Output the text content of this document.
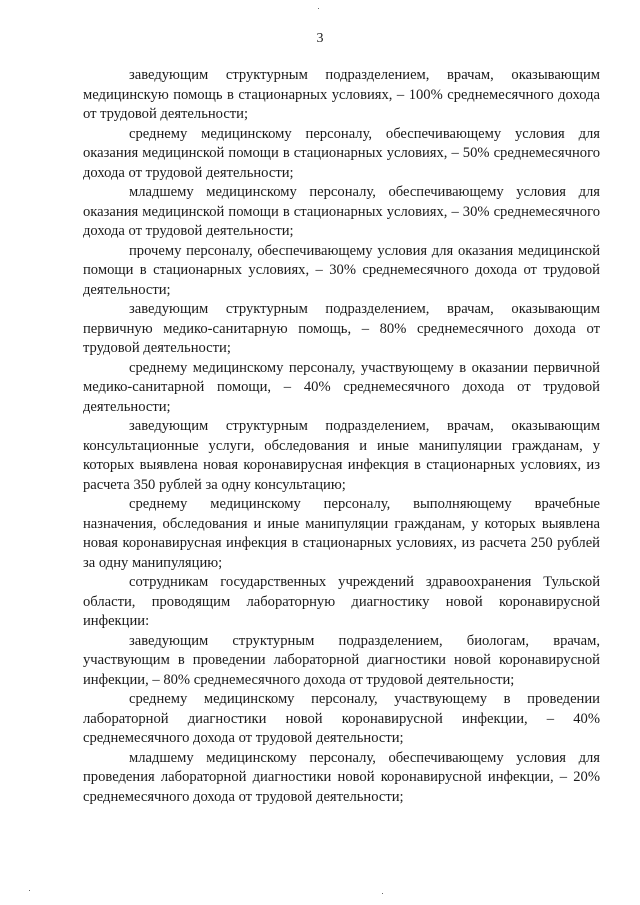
3

заведующим структурным подразделением, врачам, оказывающим медицинскую помощь в стационарных условиях, – 100% среднемесячного дохода от трудовой деятельности;

среднему медицинскому персоналу, обеспечивающему условия для оказания медицинской помощи в стационарных условиях, – 50% среднемесячного дохода от трудовой деятельности;

младшему медицинскому персоналу, обеспечивающему условия для оказания медицинской помощи в стационарных условиях, – 30% среднемесячного дохода от трудовой деятельности;

прочему персоналу, обеспечивающему условия для оказания медицинской помощи в стационарных условиях, – 30% среднемесячного дохода от трудовой деятельности;

заведующим структурным подразделением, врачам, оказывающим первичную медико-санитарную помощь, – 80% среднемесячного дохода от трудовой деятельности;

среднему медицинскому персоналу, участвующему в оказании первичной медико-санитарной помощи, – 40% среднемесячного дохода от трудовой деятельности;

заведующим структурным подразделением, врачам, оказывающим консультационные услуги, обследования и иные манипуляции гражданам, у которых выявлена новая коронавирусная инфекция в стационарных условиях, из расчета 350 рублей за одну консультацию;

среднему медицинскому персоналу, выполняющему врачебные назначения, обследования и иные манипуляции гражданам, у которых выявлена новая коронавирусная инфекция в стационарных условиях, из расчета 250 рублей за одну манипуляцию;

сотрудникам государственных учреждений здравоохранения Тульской области, проводящим лабораторную диагностику новой коронавирусной инфекции:

заведующим структурным подразделением, биологам, врачам, участвующим в проведении лабораторной диагностики новой коронавирусной инфекции, – 80% среднемесячного дохода от трудовой деятельности;

среднему медицинскому персоналу, участвующему в проведении лабораторной диагностики новой коронавирусной инфекции, – 40% среднемесячного дохода от трудовой деятельности;

младшему медицинскому персоналу, обеспечивающему условия для проведения лабораторной диагностики новой коронавирусной инфекции, – 20% среднемесячного дохода от трудовой деятельности;
